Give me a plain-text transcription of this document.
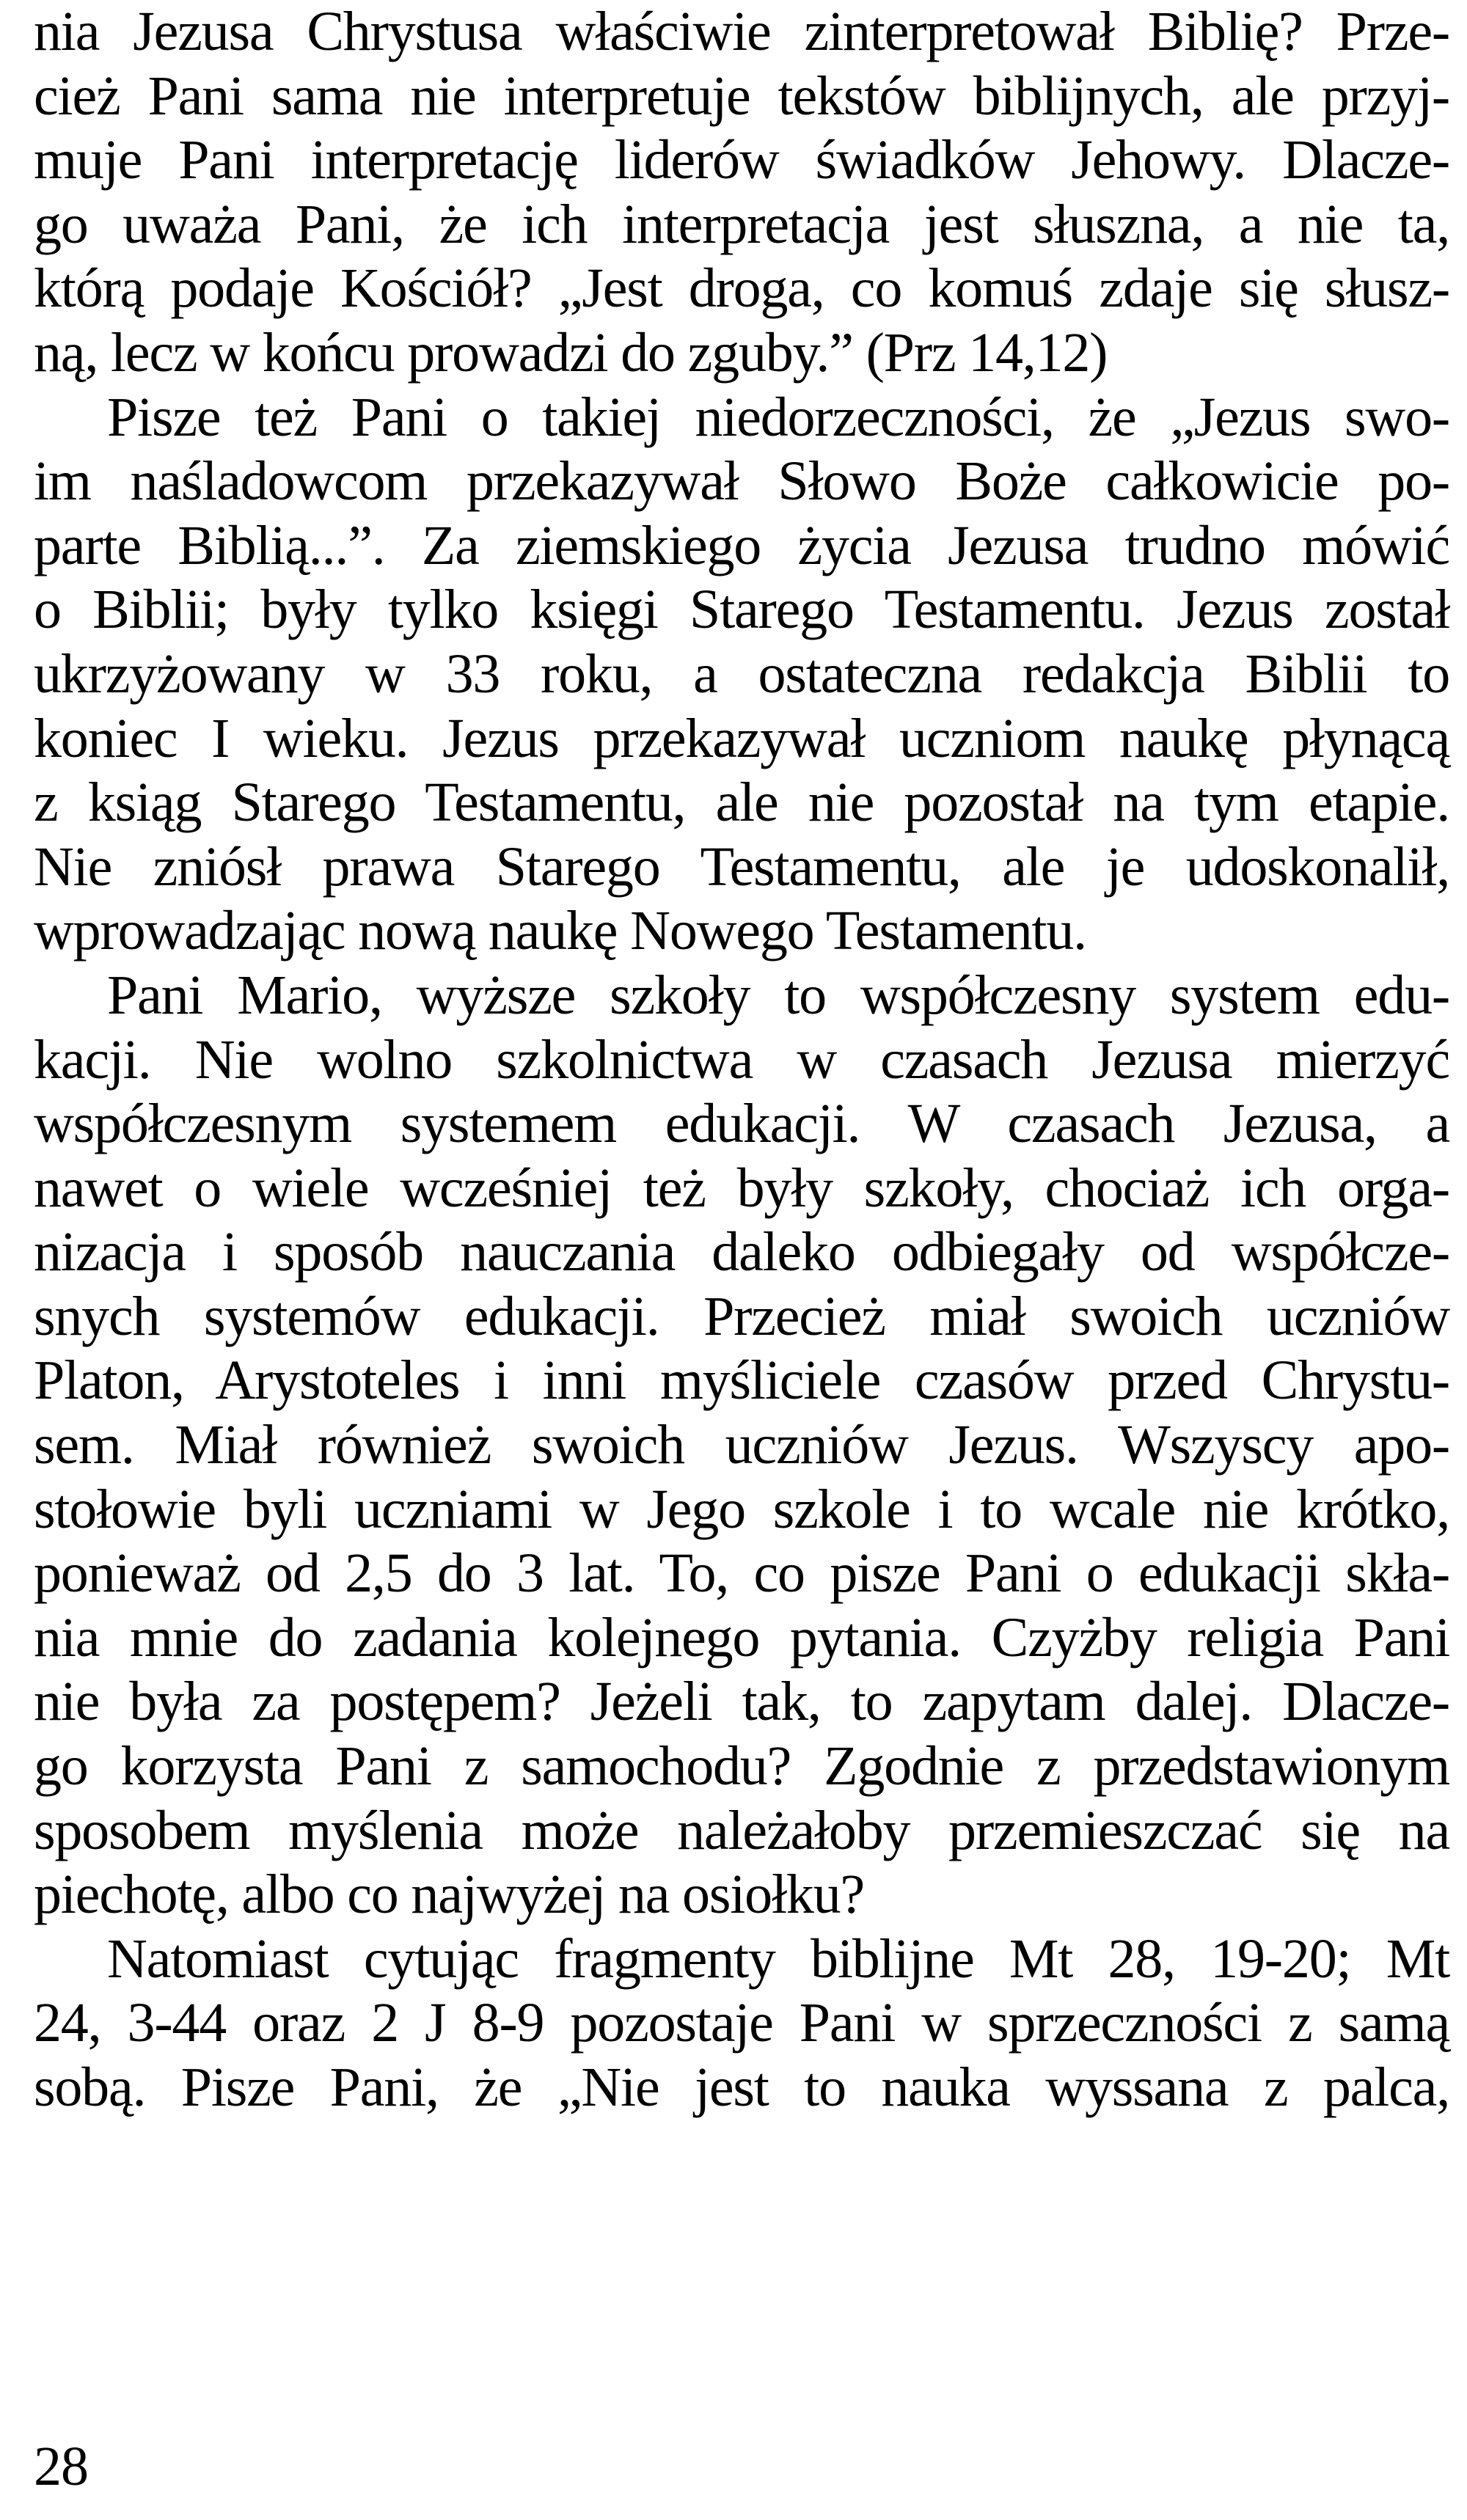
nia Jezusa Chrystusa właściwie zinterpretował Biblię? Prze-
cież Pani sama nie interpretuje tekstów biblijnych, ale przyj-
muje Pani interpretację liderów świadków Jehowy. Dlacze-
go uważa Pani, że ich interpretacja jest słuszna, a nie ta,
którą podaje Kościół? „Jest droga, co komuś zdaje się słusz-
ną, lecz w końcu prowadzi do zguby.” (Prz 14,12)
Pisze też Pani o takiej niedorzeczności, że „Jezus swo-
im naśladowcom przekazywał Słowo Boże całkowicie po-
parte Biblią...”. Za ziemskiego życia Jezusa trudno mówić
o Biblii; były tylko księgi Starego Testamentu. Jezus został
ukrzyżowany w 33 roku, a ostateczna redakcja Biblii to
koniec I wieku. Jezus przekazywał uczniom naukę płynącą
z ksiąg Starego Testamentu, ale nie pozostał na tym etapie.
Nie zniósł prawa Starego Testamentu, ale je udoskonalił,
wprowadzając nową naukę Nowego Testamentu.
Pani Mario, wyższe szkoły to współczesny system edu-
kacji. Nie wolno szkolnictwa w czasach Jezusa mierzyć
współczesnym systemem edukacji. W czasach Jezusa, a
nawet o wiele wcześniej też były szkoły, chociaż ich orga-
nizacja i sposób nauczania daleko odbiegały od współcze-
snych systemów edukacji. Przecież miał swoich uczniów
Platon, Arystoteles i inni myśliciele czasów przed Chrystu-
sem. Miał również swoich uczniów Jezus. Wszyscy apo-
stołowie byli uczniami w Jego szkole i to wcale nie krótko,
ponieważ od 2,5 do 3 lat. To, co pisze Pani o edukacji skła-
nia mnie do zadania kolejnego pytania. Czyżby religia Pani
nie była za postępem? Jeżeli tak, to zapytam dalej. Dlacze-
go korzysta Pani z samochodu? Zgodnie z przedstawionym
sposobem myślenia może należałoby przemieszczać się na
piechotę, albo co najwyżej na osiołku?
Natomiast cytując fragmenty biblijne Mt 28, 19-20; Mt
24, 3-44 oraz 2 J 8-9 pozostaje Pani w sprzeczności z samą
sobą. Pisze Pani, że „Nie jest to nauka wyssana z palca,
28
